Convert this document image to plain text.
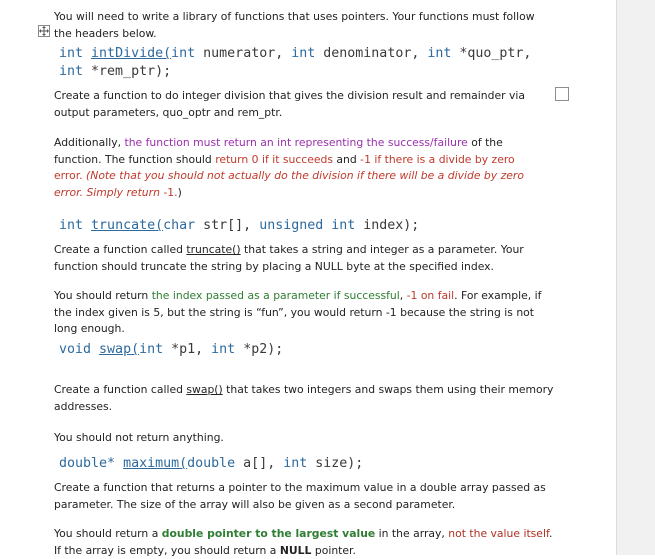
You will need to write a library of functions that uses pointers. Your functions must follow
the headers below.
int intDivide(int numerator, int denominator, int *quo_ptr,
int *rem_ptr);
Create a function to do integer division that gives the division result and remainder via
output parameters, quo_optr and rem_ptr.
Additionally, the function must return an int representing the success/failure of the
function. The function should return 0 if it succeeds and -1 if there is a divide by zero
error. (Note that you should not actually do the division if there will be a divide by zero
error. Simply return -1.)
int truncate(char str[], unsigned int index);
Create a function called truncate() that takes a string and integer as a parameter. Your
function should truncate the string by placing a NULL byte at the specified index.
You should return the index passed as a parameter if successful, -1 on fail. For example, if
the index given is 5, but the string is “fun”, you would return -1 because the string is not
long enough.
void swap(int *p1, int *p2);
Create a function called swap() that takes two integers and swaps them using their memory
addresses.
You should not return anything.
double* maximum(double a[], int size);
Create a function that returns a pointer to the maximum value in a double array passed as
parameter. The size of the array will also be given as a second parameter.
You should return a double pointer to the largest value in the array, not the value itself.
If the array is empty, you should return a NULL pointer.
